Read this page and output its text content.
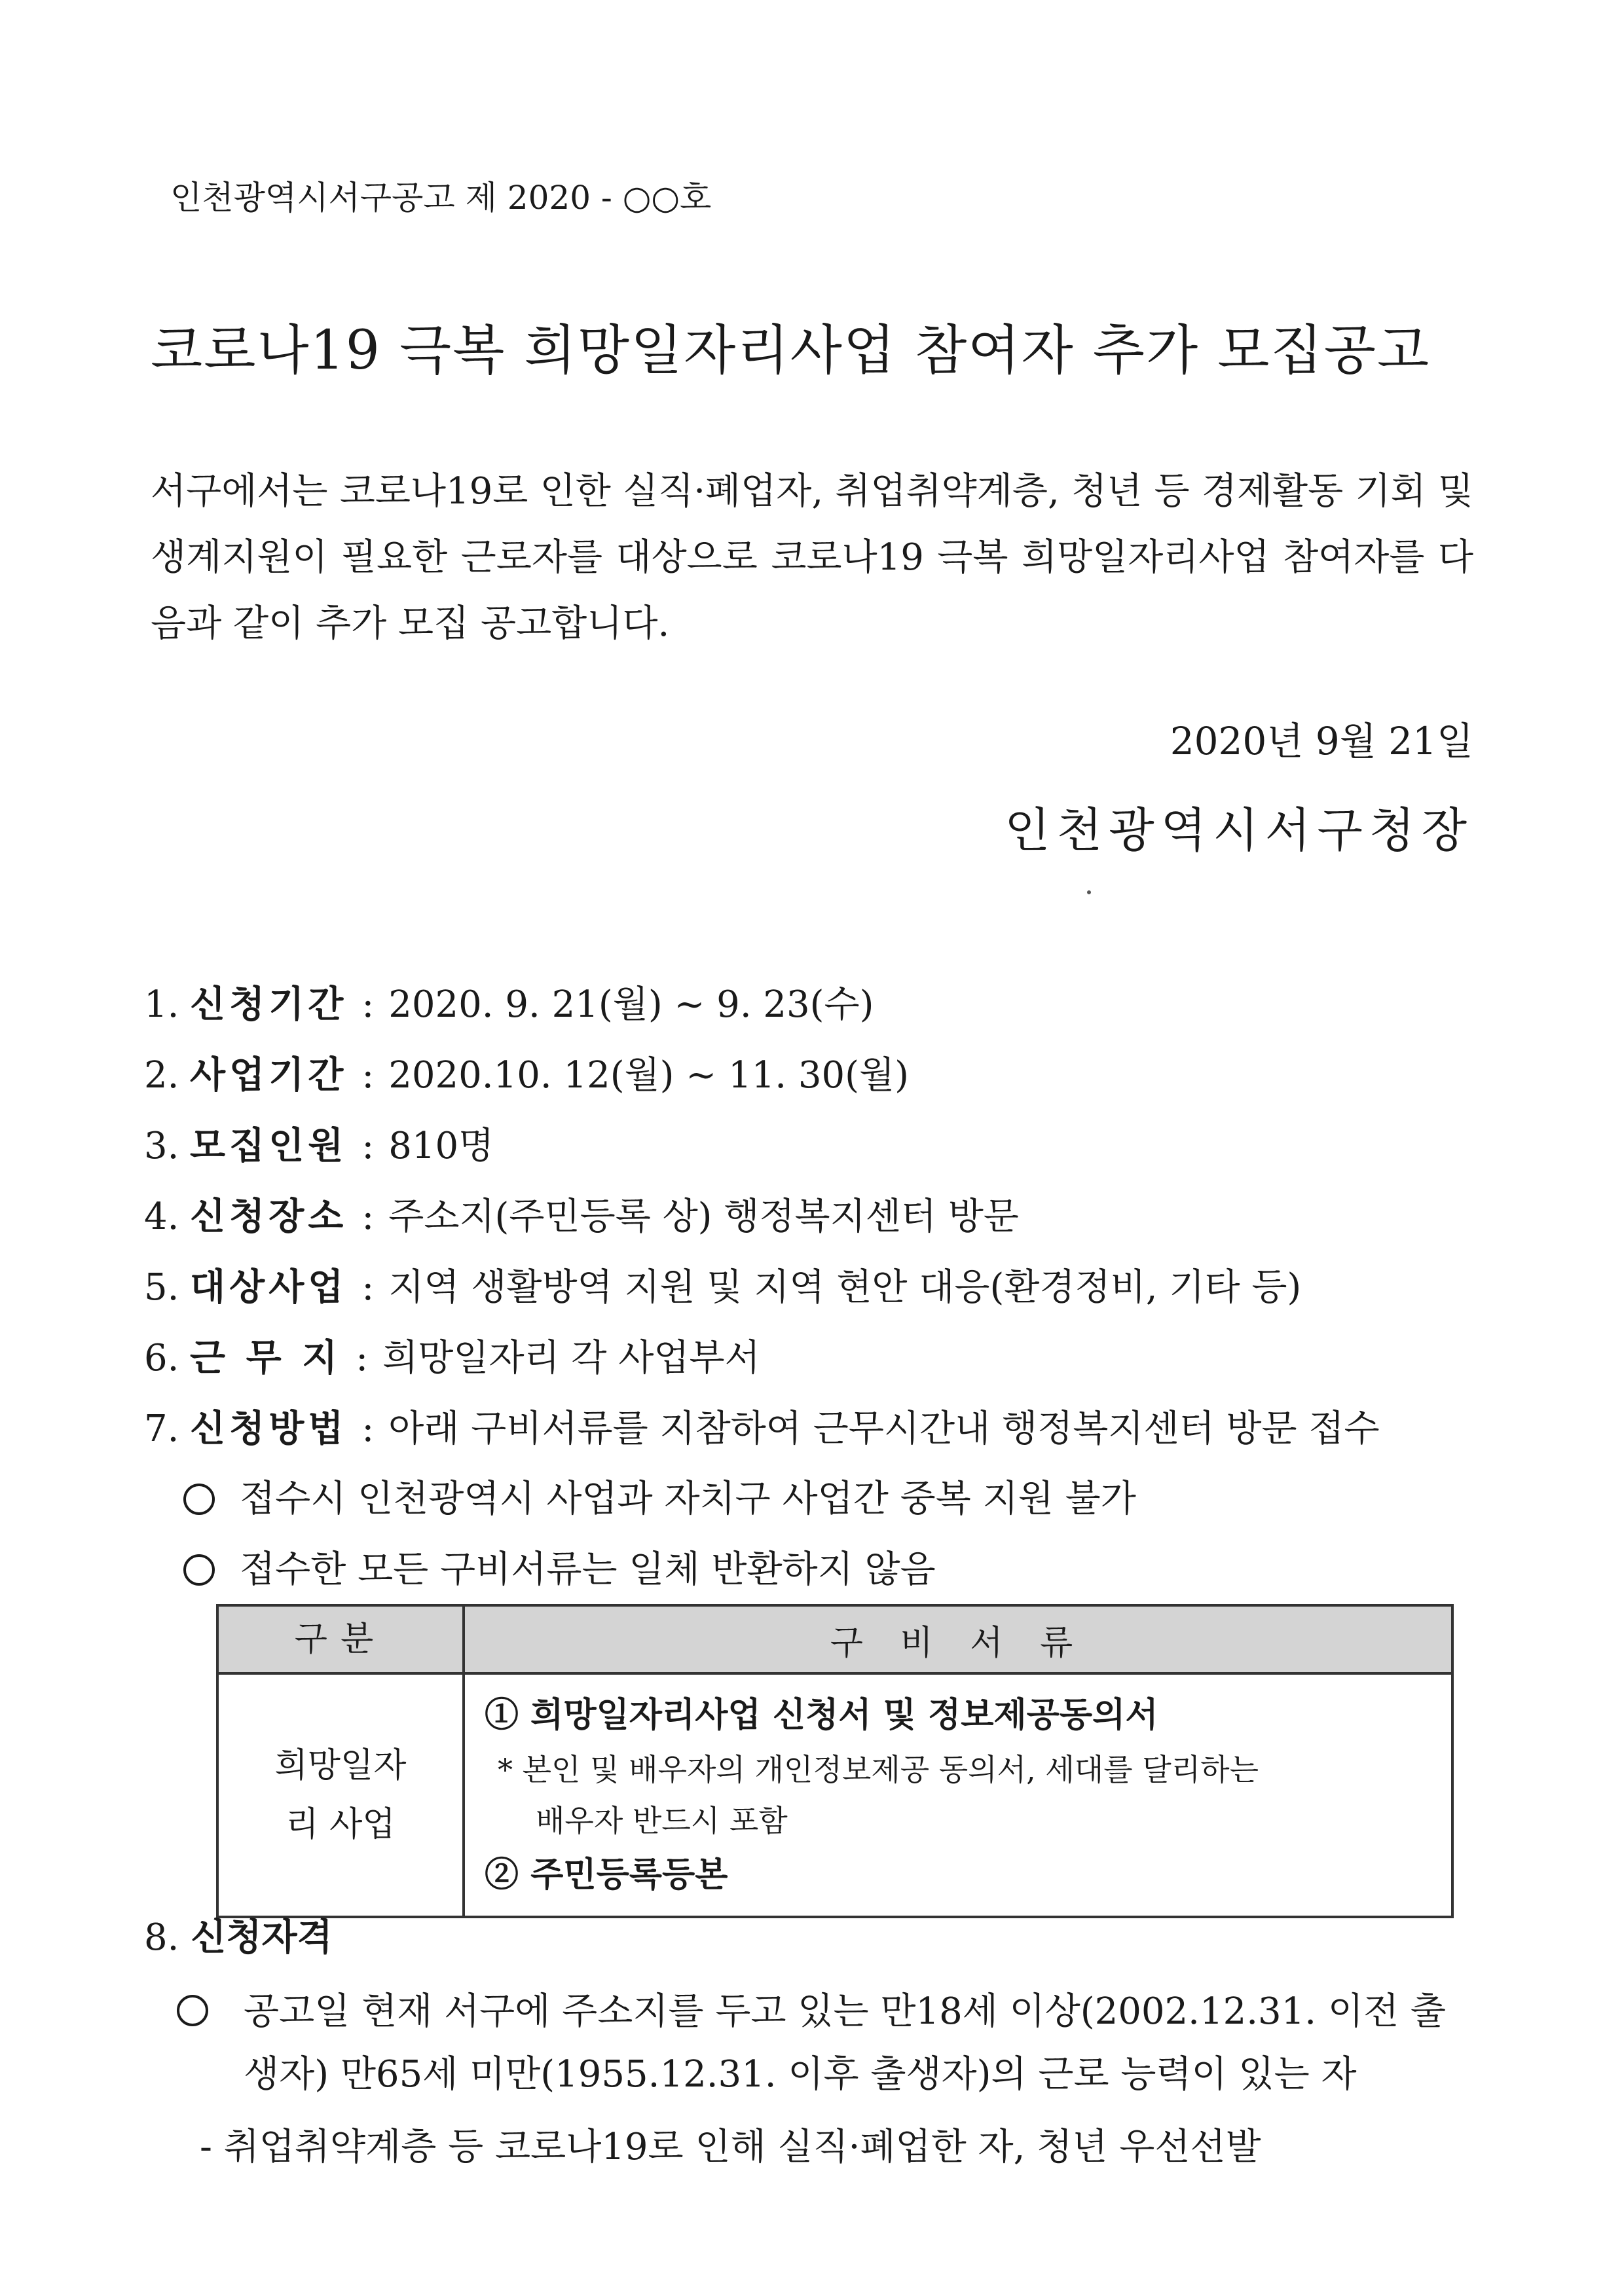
인천광역시서구공고 제 2020 - ○○호
코로나19 극복 희망일자리사업 참여자 추가 모집공고
서구에서는 코로나19로 인한 실직·폐업자, 취업취약계층, 청년 등 경제활동 기회 및 생계지원이 필요한 근로자를 대상으로 코로나19 극복 희망일자리사업 참여자를 다음과 같이 추가 모집 공고합니다.
2020년 9월 21일
인천광역시서구청장
1. 신청기간 : 2020. 9. 21(월) ~ 9. 23(수)
2. 사업기간 : 2020.10. 12(월) ~ 11. 30(월)
3. 모집인원 : 810명
4. 신청장소 : 주소지(주민등록 상) 행정복지센터 방문
5. 대상사업 : 지역 생활방역 지원 및 지역 현안 대응(환경정비, 기타 등)
6. 근 무 지 : 희망일자리 각 사업부서
7. 신청방법 : 아래 구비서류를 지참하여 근무시간내 행정복지센터 방문 접수
접수시 인천광역시 사업과 자치구 사업간 중복 지원 불가
접수한 모든 구비서류는 일체 반환하지 않음
구분	구 비 서 류

희망일자리 사업	① 희망일자리사업 신청서 및 정보제공동의서
* 본인 및 배우자의 개인정보제공 동의서, 세대를 달리하는
배우자 반드시 포함
② 주민등록등본
8. 신청자격
공고일 현재 서구에 주소지를 두고 있는 만18세 이상(2002.12.31. 이전 출생자) 만65세 미만(1955.12.31. 이후 출생자)의 근로 능력이 있는 자
- 취업취약계층 등 코로나19로 인해 실직·폐업한 자, 청년 우선선발
